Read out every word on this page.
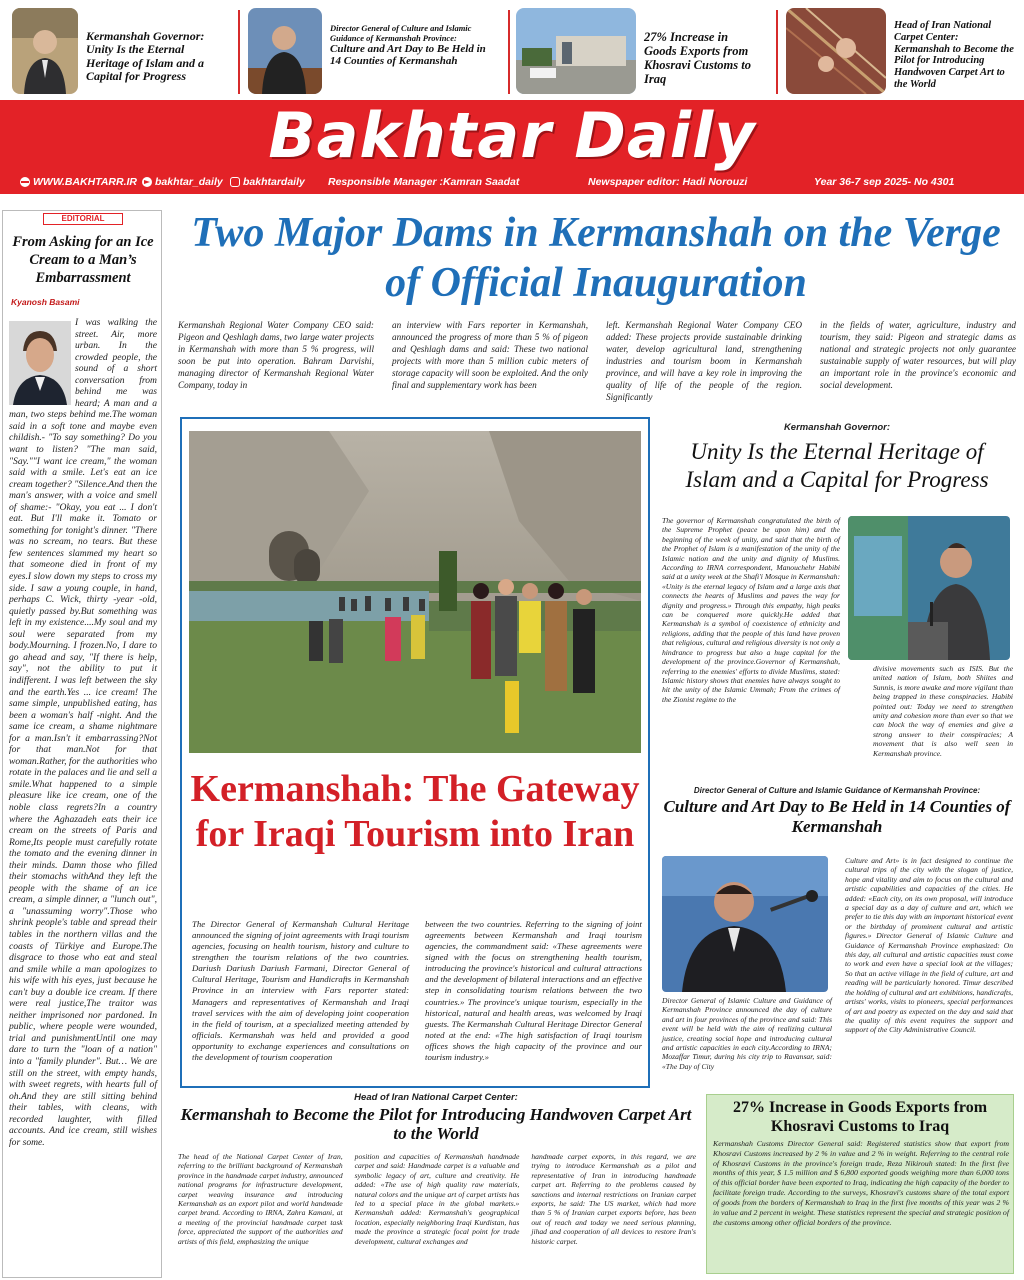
Kermanshah Governor: Unity Is the Eternal Heritage of Islam and a Capital for Progress
Director General of Culture and Islamic Guidance of Kermanshah Province:
Culture and Art Day to Be Held in 14 Counties of Kermanshah
27% Increase in Goods Exports from Khosravi Customs to Iraq
Head of Iran National Carpet Center: Kermanshah to Become the Pilot for Introducing Handwoven Carpet Art to the World
Bakhtar Daily
WWW.BAKHTARR.IR bakhtar_daily bakhtardaily Responsible Manager :Kamran Saadat	Newspaper editor: Hadi Norouzi	Year 36-7 sep 2025- No 4301
EDITORIAL
From Asking for an Ice Cream to a Man’s Embarrassment
Kyanosh Basami
I was walking the street. Air, more urban. In the crowded people, the sound of a short conversation from behind me was heard; A man and a man, two steps behind me.The woman said in a soft tone and maybe even childish.- "To say something? Do you want to listen? "The man said, "Say.""I want ice cream," the woman said with a smile. Let's eat an ice cream together? "Silence.And then the man's answer, with a voice and smell of shame:- "Okay, you eat ... I don't eat. But I'll make it. Tomato or something for tonight's dinner. "There was no scream, no tears. But these few sentences slammed my heart so that someone died in front of my eyes.I slow down my steps to cross my side. I saw a young couple, in hand, perhaps C. Wick, thirty -year -old, quietly passed by.But something was left in my existence....My soul and my soul were separated from my body.Mourning. I frozen.No, I dare to go ahead and say, "If there is help, say", not the ability to put it indifferent. I was left between the sky and the earth.Yes ... ice cream! The same simple, unpublished eating, has been a woman's half -night. And the same ice cream, a shame nightmare for a man.Isn't it embarrassing?Not for that man.Not for that woman.Rather, for the authorities who rotate in the palaces and lie and sell a smile.What happened to a simple pleasure like ice cream, one of the noble class regrets?In a country where the Aghazadeh eats their ice cream on the streets of Paris and Rome,Its people must carefully rotate the tomato and the evening dinner in their minds. Damn those who filled their stomachs withAnd they left the people with the shame of an ice cream, a simple dinner, a "lunch out", a "unassuming worry".Those who shrink people's table and spread their tables in the northern villas and the coasts of Türkiye and Europe.The disgrace to those who eat and steal and smile while a man apologizes to his wife with his eyes, just because he can't buy a double ice cream. If there were real justice,The traitor was neither imprisoned nor pardoned. In public, where people were wounded, trial and punishmentUntil one may dare to turn the "loan of a nation" into a "family plunder". But… We are still on the street, with empty hands, with sweet regrets, with hearts full of oh.And they are still sitting behind their tables, with cleans, with recorded laughter, with filled accounts. And ice cream, still wishes for some.
Two Major Dams in Kermanshah on the Verge of Official Inauguration
Kermanshah Regional Water Company CEO said: Pigeon and Qeshlagh dams, two large water projects in Kermanshah with more than 5 % progress, will soon be put into operation. Bahram Darvishi, managing director of Kermanshah Regional Water Company, today in
an interview with Fars reporter in Kermanshah, announced the progress of more than 5 % of pigeon and Qeshlagh dams and said: These two national projects with more than 5 million cubic meters of storage capacity will soon be exploited. And the only final and supplementary work has been
left. Kermanshah Regional Water Company CEO added: These projects provide sustainable drinking water, develop agricultural land, strengthening industries and tourism boom in Kermanshah province, and will have a key role in improving the quality of life of the people of the region. Significantly
in the fields of water, agriculture, industry and tourism, they said: Pigeon and strategic dams as national and strategic projects not only guarantee sustainable supply of water resources, but will play an important role in the province's economic and social development.
Kermanshah: The Gateway for Iraqi Tourism into Iran
The Director General of Kermanshah Cultural Heritage announced the signing of joint agreements with Iraqi tourism agencies, focusing on health tourism, history and culture to strengthen the tourism relations of the two countries. Dariush Dariush Dariush Farmani, Director General of Cultural Heritage, Tourism and Handicrafts in Kermanshah Province in an interview with Fars reporter stated: Managers and representatives of Kermanshah and Iraqi travel services with the aim of developing joint cooperation in the field of tourism, at a specialized meeting attended by officials. Kermanshah was held and provided a good opportunity to exchange experiences and consultations on the development of tourism cooperation
between the two countries. Referring to the signing of joint agreements between Kermanshah and Iraqi tourism agencies, the commandment said: «These agreements were signed with the focus on strengthening health tourism, introducing the province's historical and cultural attractions and the development of bilateral interactions and an effective step in consolidating tourism relations between the two countries.» The province's unique tourism, especially in the historical, natural and health areas, was welcomed by Iraqi guests. The Kermanshah Cultural Heritage Director General noted at the end: «The high satisfaction of Iraqi tourism offices shows the high capacity of the province and our tourism industry.»
Kermanshah Governor:
Unity Is the Eternal Heritage of Islam and a Capital for Progress
The governor of Kermanshah congratulated the birth of the Supreme Prophet (peace be upon him) and the beginning of the week of unity, and said that the birth of the Prophet of Islam is a manifestation of the unity of the Islamic nation and the unity and dignity of Muslims. According to IRNA correspondent, Manouchehr Habibi said at a unity week at the Shafi'i Mosque in Kermanshah: «Unity is the eternal legacy of Islam and a large axis that connects the hearts of Muslims and paves the way for dignity and progress.» Through this empathy, high peaks can be conquered more quickly.He added that Kermanshah is a symbol of coexistence of ethnicity and religions, adding that the people of this land have proven that religious, cultural and religious diversity is not only a hindrance to progress but also a huge capital for the development of the province.Governor of Kermanshah, referring to the enemies' efforts to divide Muslims, stated: Islamic history shows that enemies have always sought to hit the unity of the Islamic Ummah; From the crimes of the Zionist regime to the
divisive movements such as ISIS. But the united nation of Islam, both Shiites and Sunnis, is more awake and more vigilant than being trapped in these conspiracies. Habibi pointed out: Today we need to strengthen unity and cohesion more than ever so that we can block the way of enemies and give a strong answer to their conspiracies; A movement that is also well seen in Kermanshah province.
Director General of Culture and Islamic Guidance of Kermanshah Province:
Culture and Art Day to Be Held in 14 Counties of Kermanshah
Director General of Islamic Culture and Guidance of Kermanshah Province announced the day of culture and art in four provinces of the province and said: This event will be held with the aim of realizing cultural justice, creating social hope and introducing cultural and artistic capacities in each city.According to IRNA; Mozaffar Timur, during his city trip to Ravansar, said: «The Day of City
Culture and Art» is in fact designed to continue the cultural trips of the city with the slogan of justice, hope and vitality and aim to focus on the cultural and artistic capabilities and capacities of the cities. He added: «Each city, on its own proposal, will introduce a special day as a day of culture and art, which we prefer to tie this day with an important historical event or the birthday of prominent cultural and artistic figures.» Director General of Islamic Culture and Guidance of Kermanshah Province emphasized: On this day, all cultural and artistic capacities must come to work and even have a special look at the villages; So that an active village in the field of culture, art and reading will be particularly honored. Timur described the holding of cultural and art exhibitions, handicrafts, artists' works, visits to pioneers, special performances of art and poetry as expected on the day and said that the quality of this event requires the support and support of the City Administrative Council.
Head of Iran National Carpet Center:
Kermanshah to Become the Pilot for Introducing Handwoven Carpet Art to the World
The head of the National Carpet Center of Iran, referring to the brilliant background of Kermanshah province in the handmade carpet industry, announced national programs for infrastructure development, carpet weaving insurance and introducing Kermanshah as an export pilot and world handmade carpet brand. According to IRNA, Zahra Kamani, at a meeting of the provincial handmade carpet task force, appreciated the support of the authorities and artists of this field, emphasizing the unique
position and capacities of Kermanshah handmade carpet and said: Handmade carpet is a valuable and symbolic legacy of art, culture and creativity. He added: «The use of high quality raw materials, natural colors and the unique art of carpet artists has led to a special place in the global markets.» Kermanshah added: Kermanshah's geographical location, especially neighboring Iraqi Kurdistan, has made the province a strategic focal point for trade development, cultural exchanges and
handmade carpet exports, in this regard, we are trying to introduce Kermanshah as a pilot and representative of Iran in introducing handmade carpet art. Referring to the problems caused by sanctions and internal restrictions on Iranian carpet exports, he said: The US market, which had more than 5 % of Iranian carpet exports before, has been out of reach and today we need serious planning, jihad and cooperation of all devices to restore Iran's historic carpet.
27% Increase in Goods Exports from Khosravi Customs to Iraq
Kermanshah Customs Director General said: Registered statistics show that export from Khosravi Customs increased by 2 % in value and 2 % in weight. Referring to the central role of Khosravi Customs in the province's foreign trade, Reza Nikirouh stated: In the first five months of this year, $ 1.5 million and $ 6,800 exported goods weighing more than 6,000 tons of this official border have been exported to Iraq, indicating the high capacity of the border to facilitate foreign trade. According to the surveys, Khosravi's customs share of the total export of goods from the borders of Kermanshah to Iraq in the first five months of this year was 2 % in value and 2 percent in weight. These statistics represent the special and strategic position of the customs among other official borders of the province.
